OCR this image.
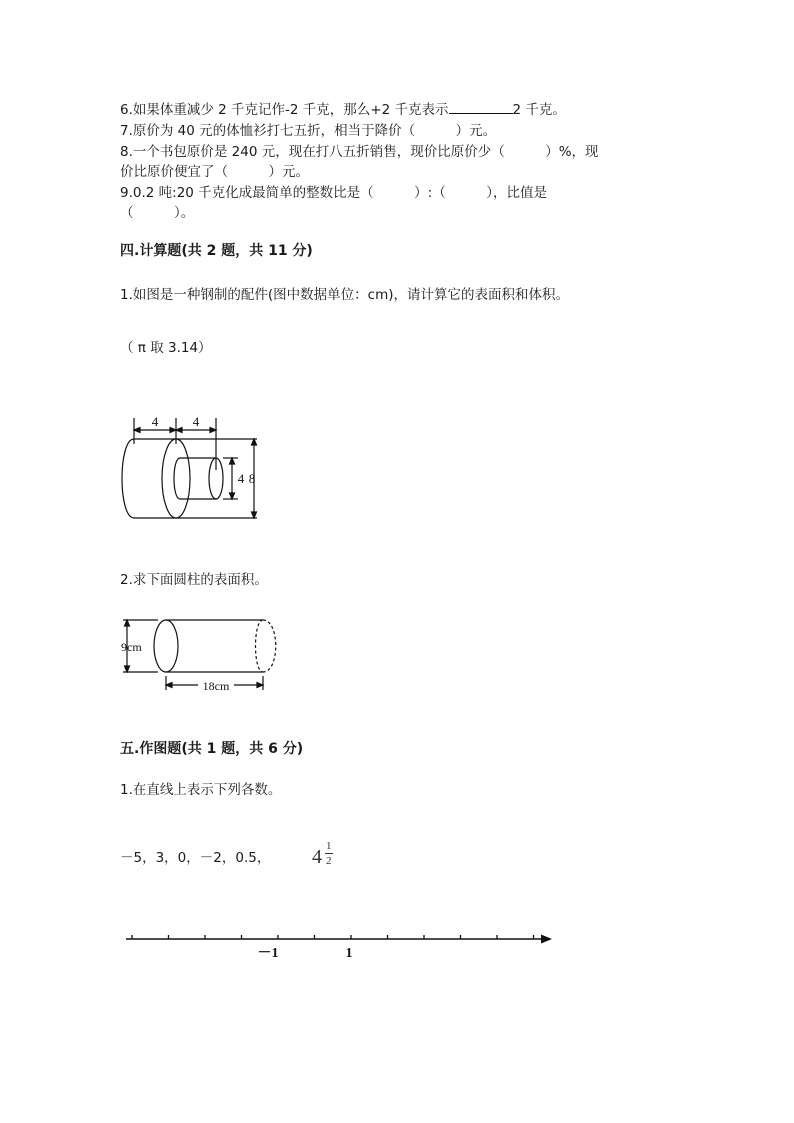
6.如果体重减少 2 千克记作-2 千克，那么+2 千克表示	2 千克。
7.原价为 40 元的体恤衫打七五折，相当于降价（　　　）元。
8.一个书包原价是 240 元，现在打八五折销售，现价比原价少（　　　）%，现
价比原价便宜了（　　　）元。
9.0.2 吨:20 千克化成最简单的整数比是（　　　）:（　　　），比值是
（　　　）。
四.计算题(共 2 题，共 11 分)
1.如图是一种钢制的配件(图中数据单位：cm)，请计算它的表面积和体积。
（ π 取 3.14）
4	4
4 8
2.求下面圆柱的表面积。
9cm
18cm
五.作图题(共 1 题，共 6 分)
1.在直线上表示下列各数。
－5，3，0，－2，0.5， 4 1
2
－1	1
